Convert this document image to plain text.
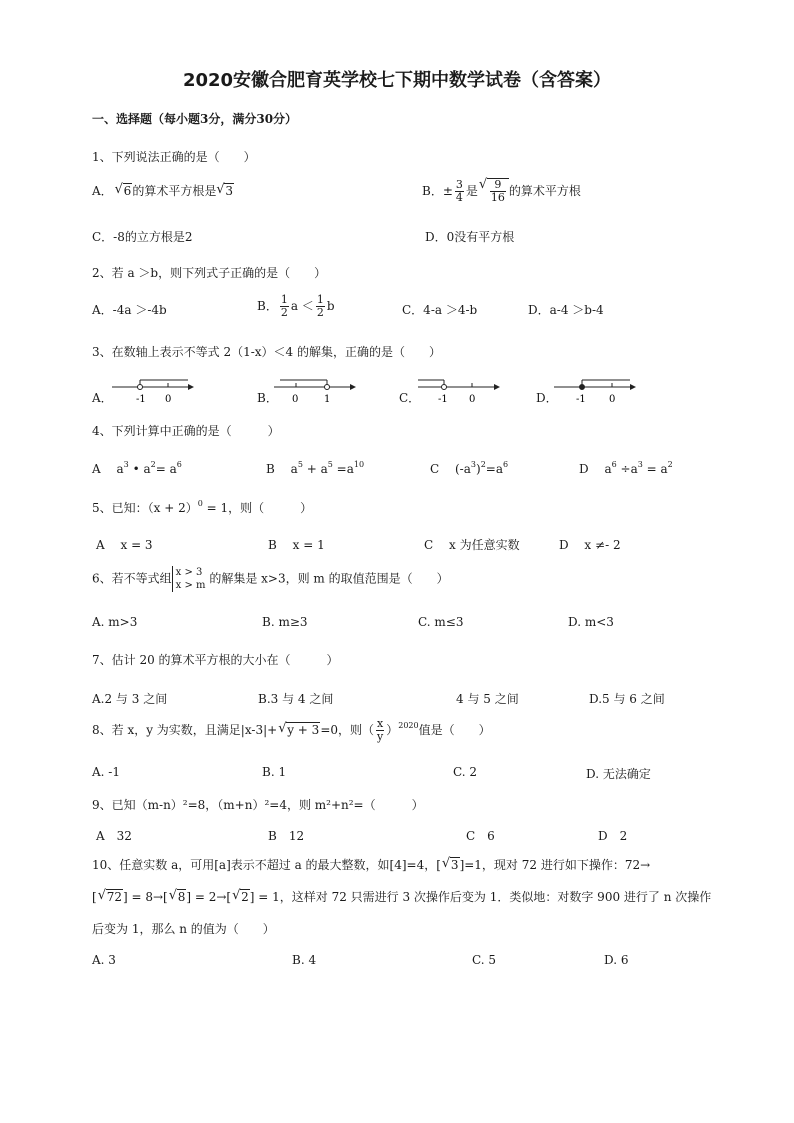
2020安徽合肥育英学校七下期中数学试卷（含答案）
一、选择题（每小题3分，满分30分）
1、下列说法正确的是（　　）
A． √ 6的算术平方根是 √ 3	B．± $\frac{3}{4}$ 是 √ $\frac{9}{16}$ 的算术平方根
C．-8的立方根是2	D．0没有平方根
2、若 a ＞b，则下列式子正确的是（　　）
A．-4a ＞-4b	B． $\frac{1}{2}$ $a < \frac{1}{2}$ b	C．4-a ＞4-b	D．a-4 ＞b-4
3、在数轴上表示不等式 2（1-x）＜4 的解集，正确的是（　　）
A． -1 0	B． 0	1	C． -1 0	D． -1 0
4、下列计算中正确的是（　　　）
A　 $a^3$ • $a^2= a^6$	B　 $a^5 + a^5 =a^{10}$	C　 $(-a^3)^2=a^6$	D　 $a^6 \div a^3 = a^2$
5、已知：$(x + 2)^0 = 1$，则（　　　）
A　 x = 3	B　 x = 1	C　 x 为任意实数	D　 x ≠- 2
6、若不等式组 x > 3
x > m 的解集是 x>3，则 m 的取值范围是（　　）
A. m>3	B. m≥3	C. m≤3	D. m<3
7、估计 20 的算术平方根的大小在（　　　）
A.2 与 3 之间	B.3 与 4 之间	4 与 5 之间	D.5 与 6 之间
8、若 x，y 为实数，且满足|x-3|+ √ y + 3=0，则（ $\frac{x}{y} )^{2020}$值是（　　）
A. -1	B. 1	C. 2	D. 无法确定
9、已知（m-n）²=8，（m+n）²=4，则 m²+n²=（　　　）
A　32	B　12	C　6	D　2
10、任意实数 a，可用[a]表示不超过 a 的最大整数，如[4]=4，[ √ 3]=1，现对 72 进行如下操作：72→
[ √ 72] = 8→[ √ 8] = 2→[ √ 2] = 1，这样对 72 只需进行 3 次操作后变为 1．类似地：对数字 900 进行了 n 次操作
后变为 1，那么 n 的值为（　　）
A. 3	B. 4	C. 5	D. 6
